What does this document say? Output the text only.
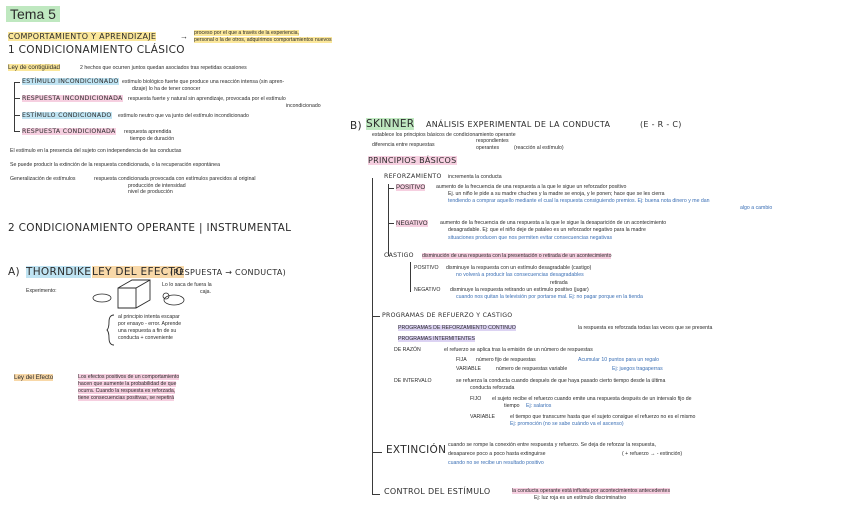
Tema 5
COMPORTAMIENTO Y APRENDIZAJE	→ proceso por el que a través de la experiencia,
personal o la de otros, adquirimos comportamientos nuevos
1 CONDICIONAMIENTO CLÁSICO
Ley de contigüidad	2 hechos que ocurren juntos quedan asociados tras repetidas ocasiones
ESTÍMULO INCONDICIONADO estímulo biológico fuerte que produce una reacción intensa (sin apren-
dizaje) lo ha de tener conocer
RESPUESTA INCONDICIONADA respuesta fuerte y natural sin aprendizaje, provocada por el estímulo
incondicionado
ESTÍMULO CONDICIONADO estímulo neutro que va junto del estímulo incondicionado
RESPUESTA CONDICIONADA respuesta aprendida
tiempo de duración
El estímulo en la presencia del sujeto con independencia de las conductas
Se puede producir la extinción de la respuesta condicionada, o la recuperación espontánea
Generalización de estímulos	respuesta condicionada provocada con estímulos parecidos al original
producción de intensidad
nivel de producción
2 CONDICIONAMIENTO OPERANTE | INSTRUMENTAL
A) THORNDIKE LEY DEL EFECTO
(RESPUESTA → CONDUCTA)
Experimento:
Lo lo saca de fuera la
caja.
al principio intenta escapar
por ensayo - error. Aprende
una respuesta a fin de su
conducta + conveniente
Ley del Efecto	Los efectos positivos de un comportamiento
hacen que aumente la probabilidad de que
ocurra. Cuando la respuesta es reforzada,
tiene consecuencias positivas, se repetirá
B) SKINNER ANÁLISIS EXPERIMENTAL DE LA CONDUCTA	(E - R - C)
establece los principios básicos de condicionamiento operante
diferencia entre respuestas
respondientes
operantes	(reacción al estímulo)
PRINCIPIOS BÁSICOS
REFORZAMIENTO incrementa la conducta
POSITIVO aumento de la frecuencia de una respuesta a la que le sigue un reforzador positivo
Ej. un niño le pide a su madre chuches y la madre se enoja, y le ponen; hace que se les cierra
tendiendo a comprar aquello mediante el cual la respuesta consiguiendo premios. Ej: buena nota dinero y me dan
algo a cambio
NEGATIVO aumento de la frecuencia de una respuesta a la que le sigue la desaparición de un acontecimiento
desagradable. Ej: que el niño deje de pataleo es un reforzador negativo para la madre
situaciones producen que nos permiten evitar consecuencias negativas
CASTIGO disminución de una respuesta con la presentación o retirada de un acontecimiento
POSITIVO disminuye la respuesta con un estímulo desagradable (castigo)
no volverá a producir las consecuencias desagradables
retirada
NEGATIVO disminuye la respuesta retirando un estímulo positivo (jugar)
cuando nos quitan la televisión por portarse mal. Ej: no pagar porque en la tienda
PROGRAMAS DE REFUERZO Y CASTIGO
PROGRAMAS DE REFORZAMIENTO CONTINUO	la respuesta es reforzada todas las veces que se presenta
PROGRAMAS INTERMITENTES
DE RAZÓN	el refuerzo se aplica tras la emisión de un número de respuestas
FIJA número fijo de respuestas	Acumular 10 puntos para un regalo
VARIABLE	número de respuestas variable	Ej: juegos tragaperras
DE INTERVALO	se refuerza la conducta cuando después de que haya pasado cierto tiempo desde la última
conducta reforzada
FIJO el sujeto recibe el refuerzo cuando emite una respuesta después de un intervalo fijo de
tiempo Ej: salarios
VARIABLE	el tiempo que transcurre hasta que el sujeto consigue el refuerzo no es el mismo
Ej: promoción (no se sabe cuándo va el ascenso)
EXTINCIÓN cuando se rompe la conexión entre respuesta y refuerzo. Se deja de reforzar la respuesta,
desaparece poco a poco hasta extinguirse	( + refuerzo → - extinción)
cuando no se recibe un resultado positivo
CONTROL DEL ESTÍMULO	la conducta operante está influida por acontecimientos antecedentes
Ej: luz roja es un estímulo discriminativo
